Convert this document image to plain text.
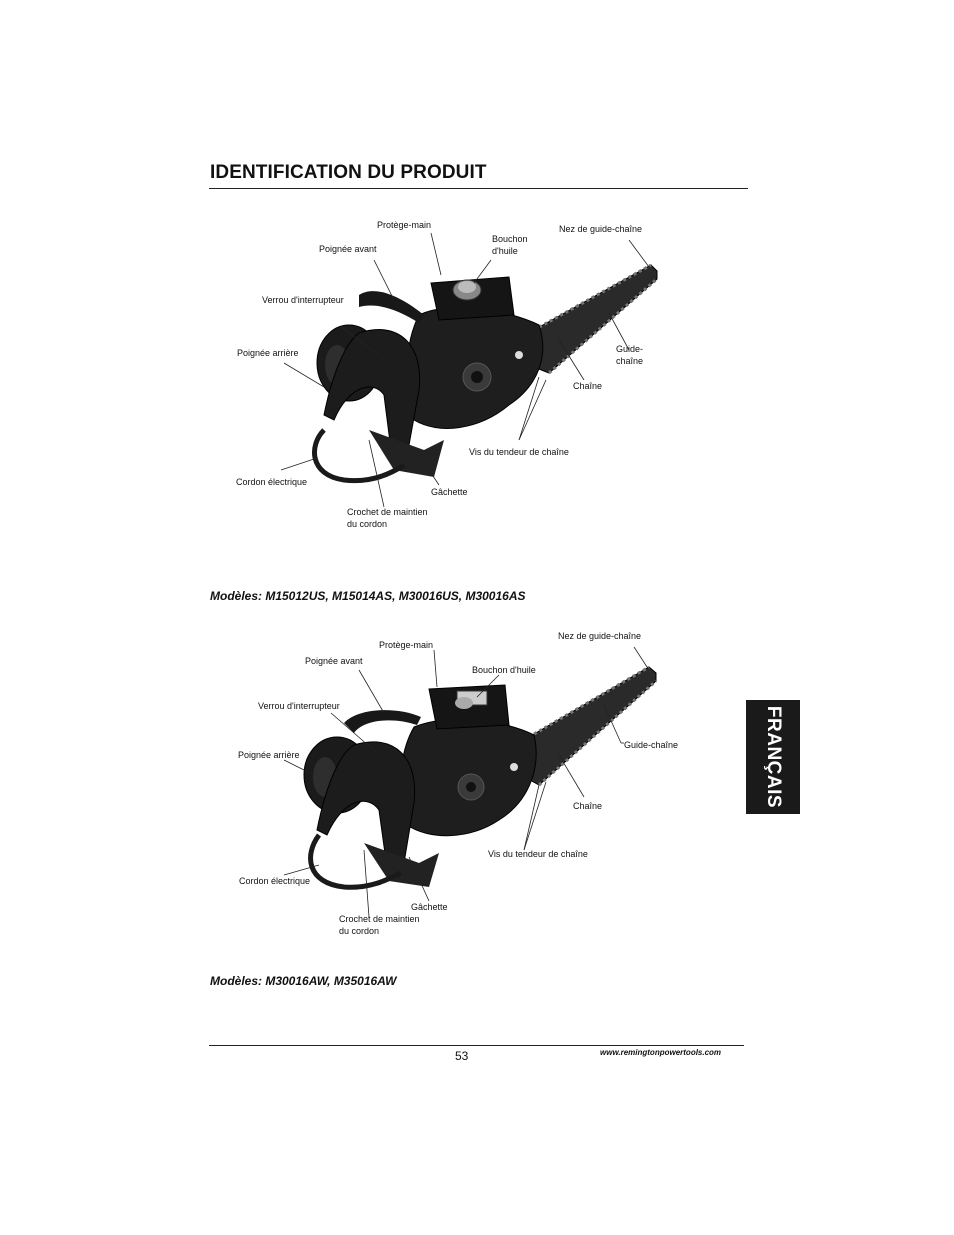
IDENTIFICATION DU PRODUIT
Protège-main
Bouchon
d'huile
Nez de guide-chaîne
Poignée avant
Verrou d'interrupteur
Poignée arrière	Guide-
chaîne
Chaîne
Vis du tendeur de chaîne
Cordon électrique
Gâchette
Crochet de maintien
du cordon
Modèles: M15012US, M15014AS, M30016US, M30016AS
Nez de guide-chaîne
Protège-main
Poignée avant
Bouchon d'huile
Verrou d'interrupteur
Poignée arrière
Guide-chaîne
Chaîne
Vis du tendeur de chaîne
Cordon électrique
Gâchette
Crochet de maintien
du cordon
Modèles: M30016AW, M35016AW
FRANÇAIS
53	www.remingtonpowertools.com
